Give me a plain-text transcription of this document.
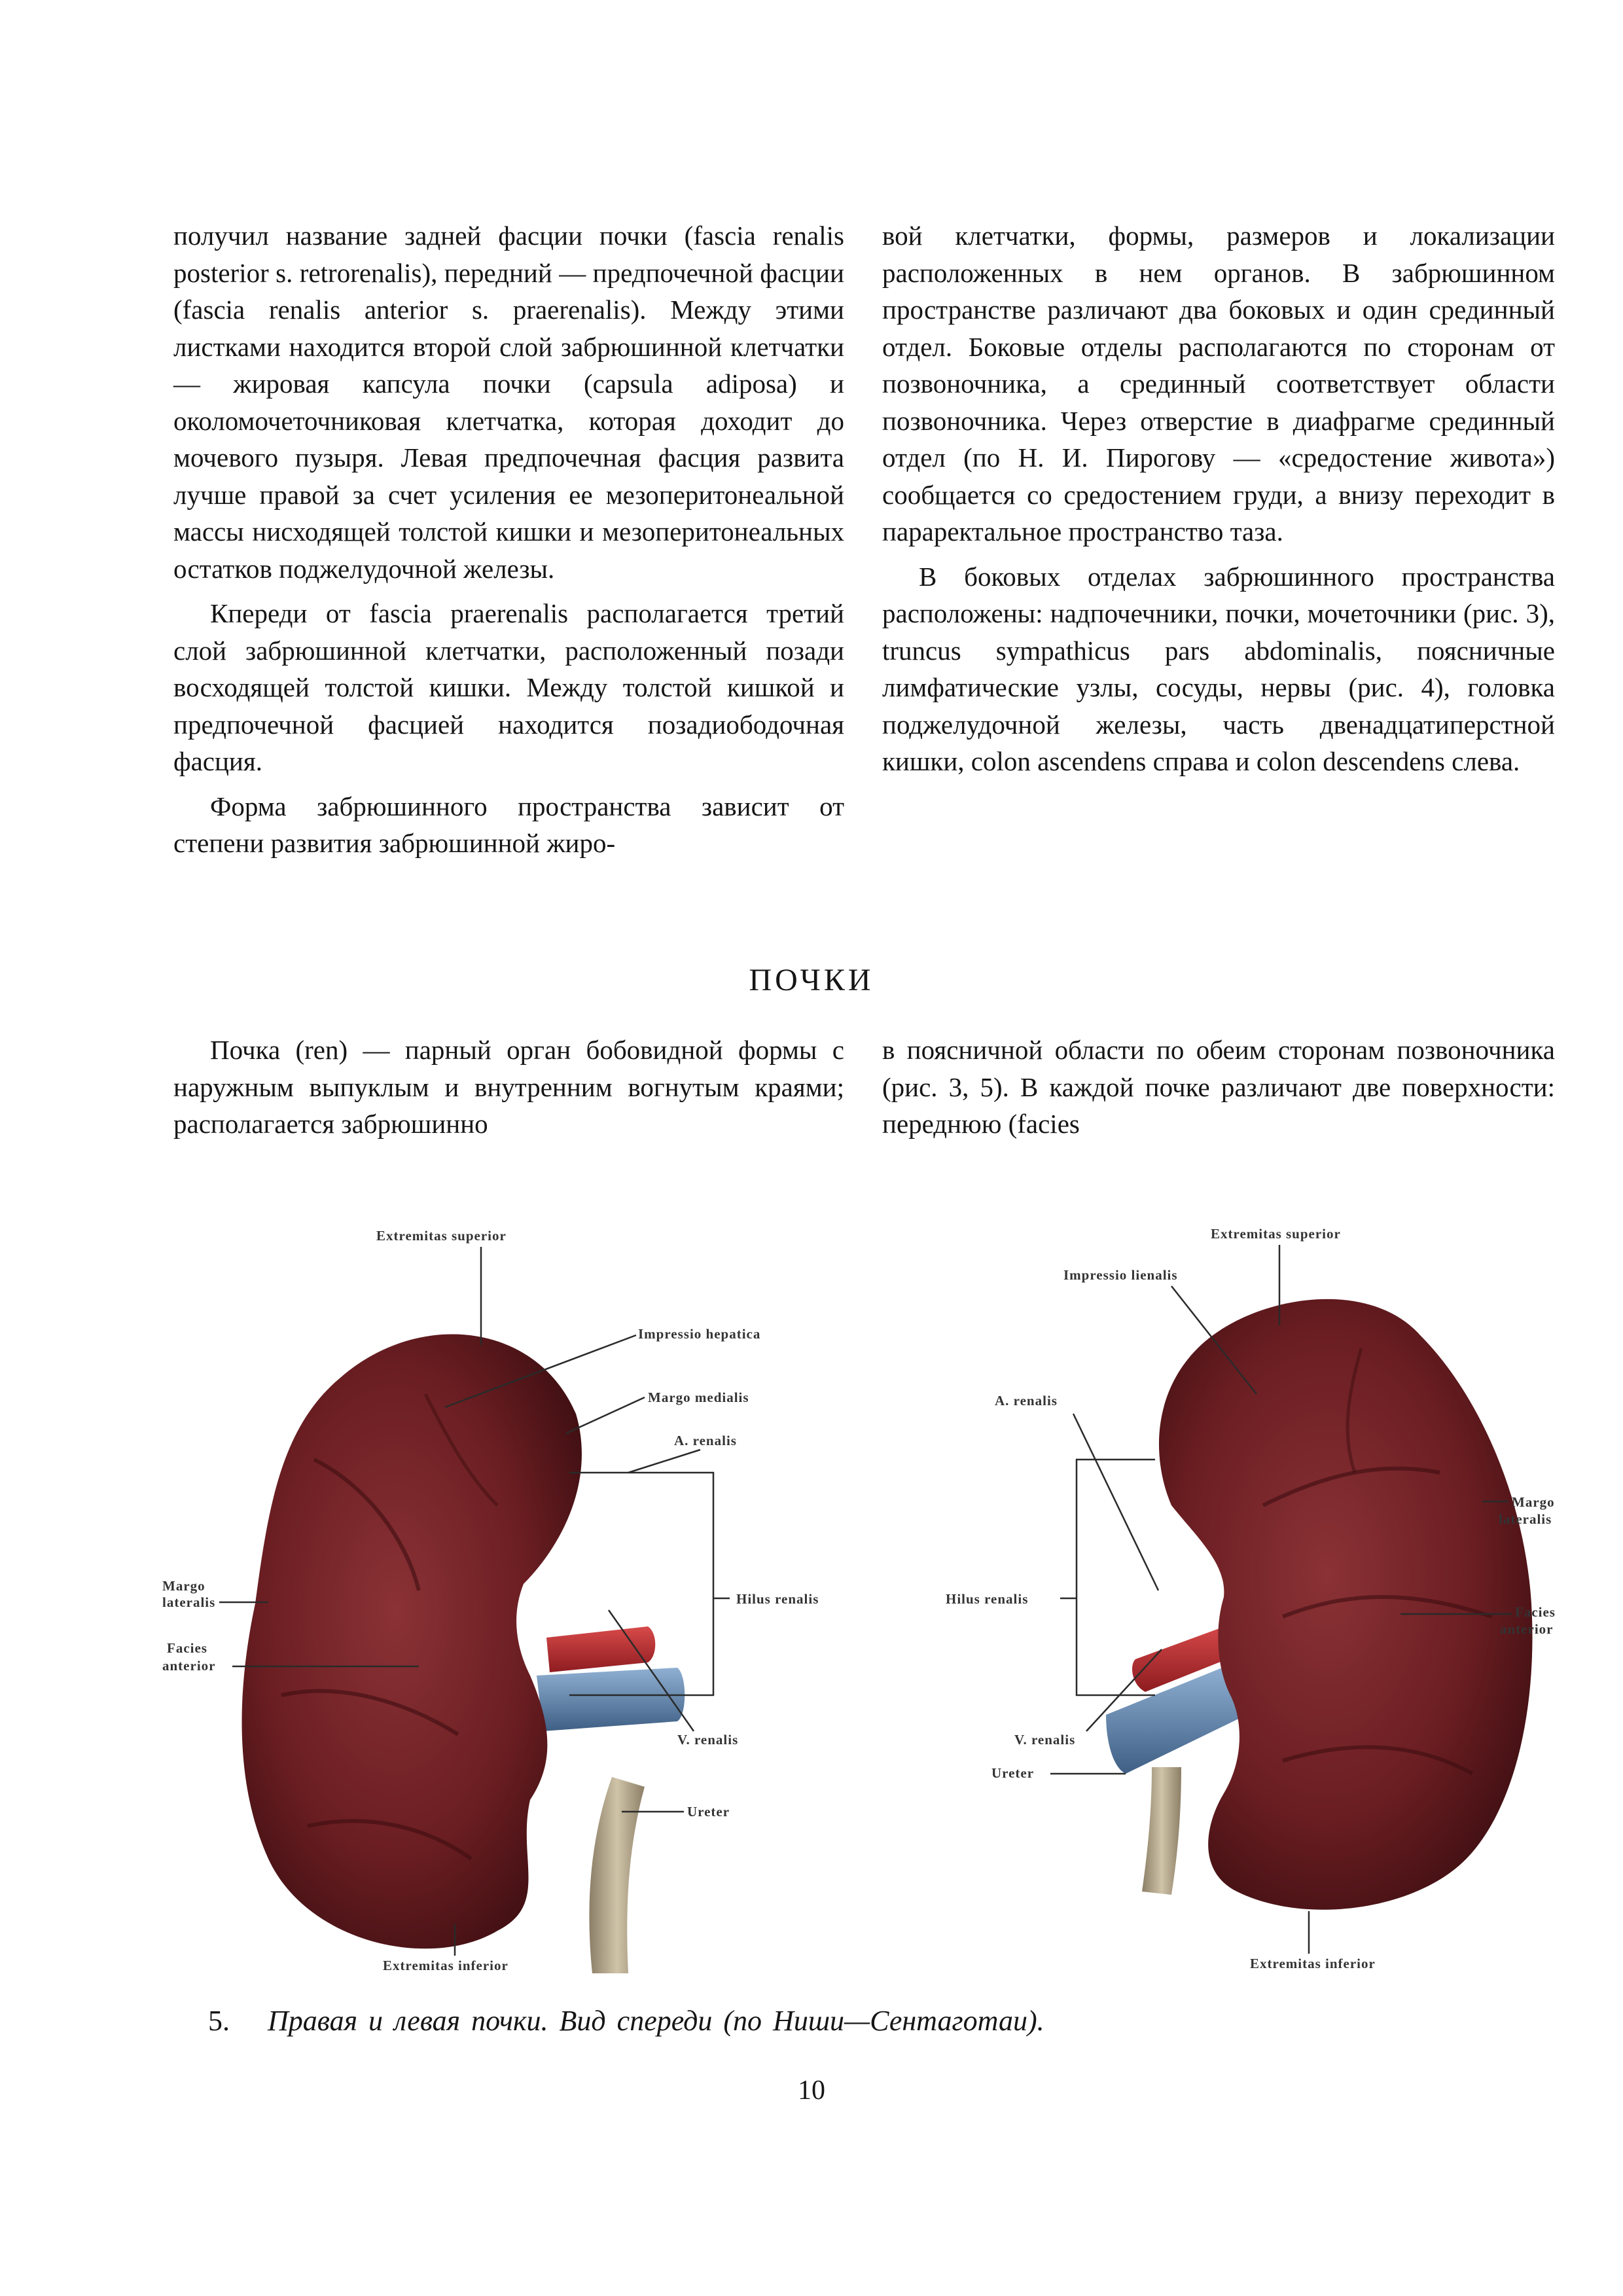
получил название задней фасции почки (fascia renalis posterior s. retrorenalis), передний — предпочечной фасции (fascia renalis anterior s. praerenalis). Между этими листками находится второй слой забрюшинной клетчатки — жировая капсула почки (capsula adiposa) и околомочеточниковая клетчатка, которая доходит до мочевого пузыря. Левая предпочечная фасция развита лучше правой за счет усиления ее мезоперитонеальной массы нисходящей толстой кишки и мезоперитонеальных остатков поджелудочной железы.

Кпереди от fascia praerenalis располагается третий слой забрюшинной клетчатки, расположенный позади восходящей толстой кишки. Между толстой кишкой и предпочечной фасцией находится позадиободочная фасция.

Форма забрюшинного пространства зависит от степени развития забрюшинной жиро-

вой клетчатки, формы, размеров и локализации расположенных в нем органов. В забрюшинном пространстве различают два боковых и один срединный отдел. Боковые отделы располагаются по сторонам от позвоночника, а срединный соответствует области позвоночника. Через отверстие в диафрагме срединный отдел (по Н. И. Пирогову — «средостение живота») сообщается со средостением груди, а внизу переходит в параректальное пространство таза.

В боковых отделах забрюшинного пространства расположены: надпочечники, почки, мочеточники (рис. 3), truncus sympathicus pars abdominalis, поясничные лимфатические узлы, сосуды, нервы (рис. 4), головка поджелудочной железы, часть двенадцатиперстной кишки, colon ascendens справа и colon descendens слева.

ПОЧКИ

Почка (ren) — парный орган бобовидной формы с наружным выпуклым и внутренним вогнутым краями; располагается забрюшинно

в поясничной области по обеим сторонам позвоночника (рис. 3, 5). В каждой почке различают две поверхности: переднюю (facies

Extremitas superior
Impressio hepatica
Margo medialis
A. renalis
Hilus renalis
Margo
lateralis
Facies
anterior
V. renalis
Ureter
Extremitas inferior
Extremitas superior
Impressio lienalis
A. renalis
Hilus renalis
Margo
lateralis
Facies
anterior
V. renalis
Ureter
Extremitas inferior
5. Правая и левая почки. Вид спереди (по Ниши—Сентаготаи).
10
